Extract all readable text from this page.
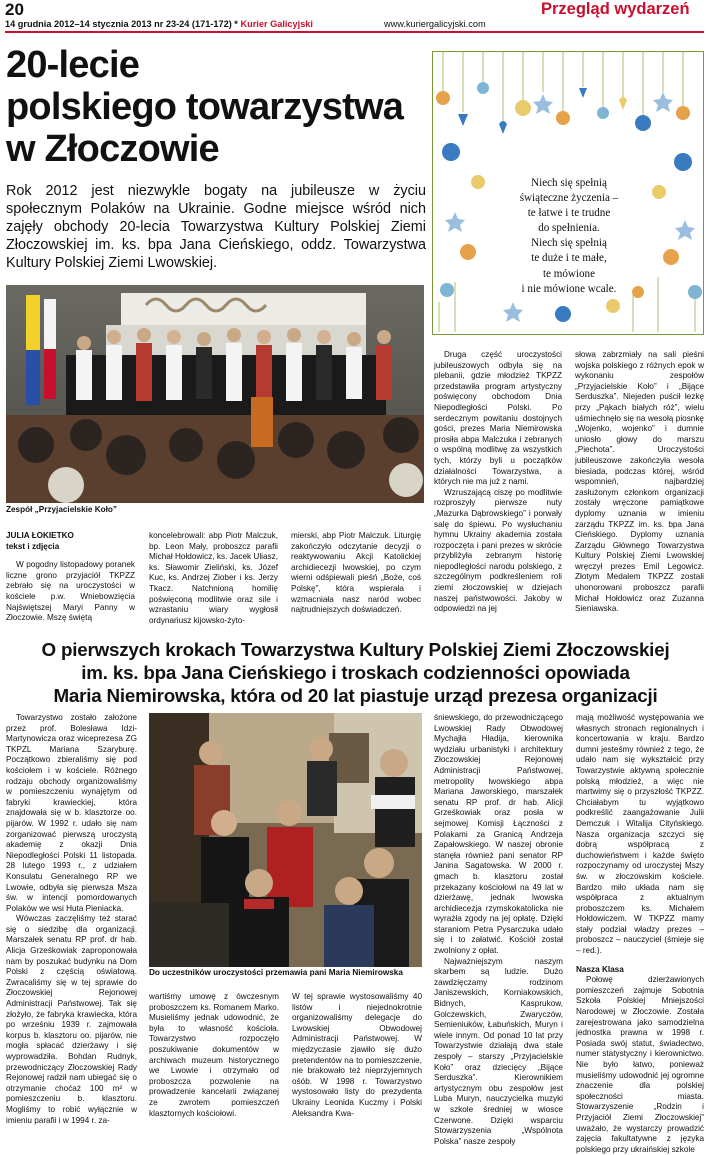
20
14 grudnia 2012–14 stycznia 2013 nr 23-24 (171-172) * Kurier Galicyjski	www.kuriergalicyjski.com
Przegląd wydarzeń
20-lecie
polskiego towarzystwa
w Złoczowie
Rok 2012 jest niezwykle bogaty na jubileusze w życiu społecznym Polaków na Ukrainie. Godne miejsce wśród nich zajęły obchody 20-lecia Towarzystwa Kultury Polskiej Ziemi Złoczowskiej im. ks. bpa Jana Cieńskiego, oddz. Towarzystwa Kultury Polskiej Ziemi Lwowskiej.
Zespół „Przyjacielskie Koło”
JULIA ŁOKIETKO
tekst i zdjęcia

W pogodny listopadowy poranek liczne grono przyjaciół TKPZZ zebrało się na uroczystości w kościele p.w. Wniebowzięcia Najświętszej Maryi Panny w Złoczowie. Mszę świętą

koncelebrowali: abp Piotr Malczuk, bp. Leon Mały, proboszcz parafii Michał Hołdowicz, ks. Jacek Uliasz, ks. Sławomir Zieliński, ks. Józef Kuc, ks. Andrzej Ziober i ks. Jerzy Tkacz. Natchnioną homilię poświęconą modlitwie oraz sile i wzrastaniu wiary wygłosił ordynariusz kijowsko-żyto-

mierski, abp Piotr Malczuk. Liturgię zakończyło odczytanie decyzji o reaktywowaniu Akcji Katolickiej archidiecezji lwowskiej, po czym wierni odśpiewali pieśń „Boże, coś Polskę”, która wspierała i wzmacniała nasz naród wobec najtrudniejszych doświadczeń.

Druga część uroczystości jubileuszowych odbyła się na plebanii, gdzie młodzież TKPZZ przedstawiła program artystyczny poświęcony obchodom Dnia Niepodległości Polski. Po serdecznym powitaniu dostojnych gości, prezes Maria Niemirowska prosiła abpa Malczuka i zebranych o wspólną modlitwę za wszystkich tych, którzy byli u początków działalności Towarzystwa, a których nie ma już z nami.

Wzruszającą ciszę po modlitwie rozproszyły pierwsze nuty „Mazurka Dąbrowskiego” i porwały salę do śpiewu. Po wysłuchaniu hymnu Ukrainy akademia została rozpoczęta i pani prezes w skrócie przybliżyła zebranym historię niepodległości narodu polskiego, z szczególnym podkreśleniem roli ziemi złoczowskiej w dziejach naszej państwowości. Jakoby w odpowiedzi na jej

słowa zabrzmiały na sali pieśni wojska polskiego z różnych epok w wykonaniu zespołów „Przyjacielskie Koło” i „Bijące Serduszka”. Niejeden puścił łezkę przy „Pąkach białych róż”, wielu uśmiechnęło się na wesołą piosnkę „Wojenko, wojenko” i dumnie uniosło głowy do marszu „Piechota”. Uroczystości jubileuszowe zakończyła wesoła biesiada, podczas której, wśród wspomnień, najbardziej zasłużonym członkom organizacji zostały wręczone pamiątkowe dyplomy uznania w imieniu zarządu TKPZZ im. ks. bpa Jana Cieńskiego. Dyplomy uznania Zarządu Głównego Towarzystwa Kultury Polskiej Ziemi Lwowskiej wręczył prezes Emil Legowicz. Złotym Medalem TKPZZ zostali uhonorowani proboszcz parafii Michał Hołdowicz oraz Zuzanna Sieniawska.

Niech się spełnią
świąteczne życzenia –
te łatwe i te trudne
do spełnienia.
Niech się spełnią
te duże i te małe,
te mówione
i nie mówione wcale.
O pierwszych krokach Towarzystwa Kultury Polskiej Ziemi Złoczowskiej
im. ks. bpa Jana Cieńskiego i troskach codzienności opowiada
Maria Niemirowska, która od 20 lat piastuje urząd prezesa organizacji

Towarzystwo zostało założone przez prof. Bolesława Idzi-Martynowicza oraz wiceprezesa ZG TKPZL Mariana Szaryburę. Początkowo zbieraliśmy się pod kościołem i w kościele. Różnego rodzaju obchody organizowaliśmy w pomieszczeniu wynajętym od fabryki krawieckiej, która znajdowała się w b. klasztorze oo. pijarów. W 1992 r. udało się nam zorganizować pierwszą uroczystą akademię z okazji Dnia Niepodległości Polski 11 listopada. 28 lutego 1993 r., z udziałem Konsulatu Generalnego RP we Lwowie, odbyła się pierwsza Msza św. w intencji pomordowanych Polaków we wsi Huta Pieniacka.

Wówczas zaczęliśmy też starać się o siedzibę dla organizacji. Marszałek senatu RP prof. dr hab. Alicja Grześkowiak zaproponowała nam by poszukać budynku na Dom Polski z częścią oświatową. Zwracaliśmy się w tej sprawie do Złoczowskiej Rejonowej Administracji Państwowej. Tak się złożyło, że fabryka krawiecka, która po wrześniu 1939 r. zajmowała korpus b. klasztoru oo. pijarów, nie mogła spłacać dzierżawy i się wyprowadziła. Bohdan Rudnyk, przewodniczący Złoczowskiej Rady Rejonowej radził nam ubiegać się o otrzymanie choćaż 100 m² w pomieszczeniu b. klasztoru. Mogliśmy to robić wyłącznie w imieniu parafii i w 1994 r. za-

Do uczestników uroczystości przemawia pani Maria Niemirowska

wartiśmy umowę z ówczesnym proboszczem ks. Romanem Marko. Musieliśmy jednak udowodnić, że była to własność kościoła. Towarzystwo rozpoczęło poszukiwanie dokumentów w archiwach muzeum historycznego we Lwowie i otrzymało od proboszcza pozwolenie na prowadzenie kancelarii związanej ze zwrotem pomieszczeń klasztornych kościołowi.

W tej sprawie wystosowaliśmy 40 listów i niejednokrotnie organizowaliśmy delegacje do Lwowskiej Obwodowej Administracji Państwowej. W międzyczasie zjawiło się dużo pretendentów na to pomieszczenie, nie brakowało też nieprzyjemnych ośób. W 1998 r. Towarzystwo wystosowało listy do prezydenta Ukrainy Leonida Kuczmy i Polski Aleksandra Kwa-

śniewskiego, do przewodniczącego Lwowskiej Rady Obwodowej Mychajła Hładija, kierownika wydziału urbanistyki i architektury Złoczowskiej Rejonowej Administracji Państwowej, metropolity lwowskiego abpa Mariana Jaworskiego, marszałek senatu RP prof. dr hab. Alicji Grześkowiak oraz posła w sejmowej Komisji Łączności z Polakami za Granicą Andrzeja Zapałowskiego. W naszej obronie stanęła również pani senator RP Janina Sagatowska. W 2000 r. gmach b. klasztoru został przekazany kościołowi na 49 lat w dzierżawę, jednak lwowska archidiecezja rzymskokatolicka nie wyrażła zgody na jej opłatę. Dzięki staraniom Petra Pysarczuka udało się i to załatwić. Kościół został zwolniony z opłat.

Najważniejszym naszym skarbem są ludzie. Dużo zawdzięczamy rodzinom Janiszewskich, Korniakowskich, Bidnych, Kasprukow, Golczewskich, Zwaryczów, Semieniuków, Łabuńskich, Muryn i wiele innym. Od ponad 10 lat przy Towarzystwie działają dwa stałe zespoły – starszy „Przyjacielskie Koło” oraz dziecięcy „Bijące Serduszka”. Kierownikiem artystycznym obu zespołów jest Luba Muryn, nauczycielka muzyki w szkole średniej w wiosce Czerwone. Dzięki wsparciu Stowarzyszenia „Wspólnota Polska” nasze zespoły

mają możliwość występowania we własnych stronach regionalnych i koncertowania w kraju. Bardzo dumni jesteśmy również z tego, że udało nam się wykształcić przy Towarzystwie aktywną społecznie polską młodzież, a więc nie martwimy się o przyszłość TKPZZ. Chciałabym tu wyjątkowo podkreślić zaangażowanie Julii Demczuk i Witalija Cityńskiego. Nasza organizacja szczyci się dobrą współpracą z duchowieństwem i każde święto rozpoczynamy od uroczystej Mszy św. w złoczowskim kościele. Bardzo miło układa nam się współpraca z aktualnym proboszczem ks. Michałem Hołdowiczem. W TKPZZ mamy stały podział władzy prezes – proboszcz – nauczyciel (śmieje się – red.).

Nasza Klasa

Połowę dzierżawionych pomieszczeń zajmuje Sobotnia Szkoła Polskiej Mniejszości Narodowej w Złoczowie. Została zarejestrowana jako samodzielna jednostka prawna w 1998 r. Posiada swój statut, świadectwo, numer statystyczny i kierownictwo. Nie było łatwo, ponieważ musieliśmy udowodnić jej ogromne znaczenie dla polskiej społeczności miasta. Stowarzyszenie „Rodzin i Przyjaciół Ziemi Złoczowskiej” uważało, że wystarczy prowadzić zajęcia fakultatywne z języka polskiego przy ukraińskiej szkole
